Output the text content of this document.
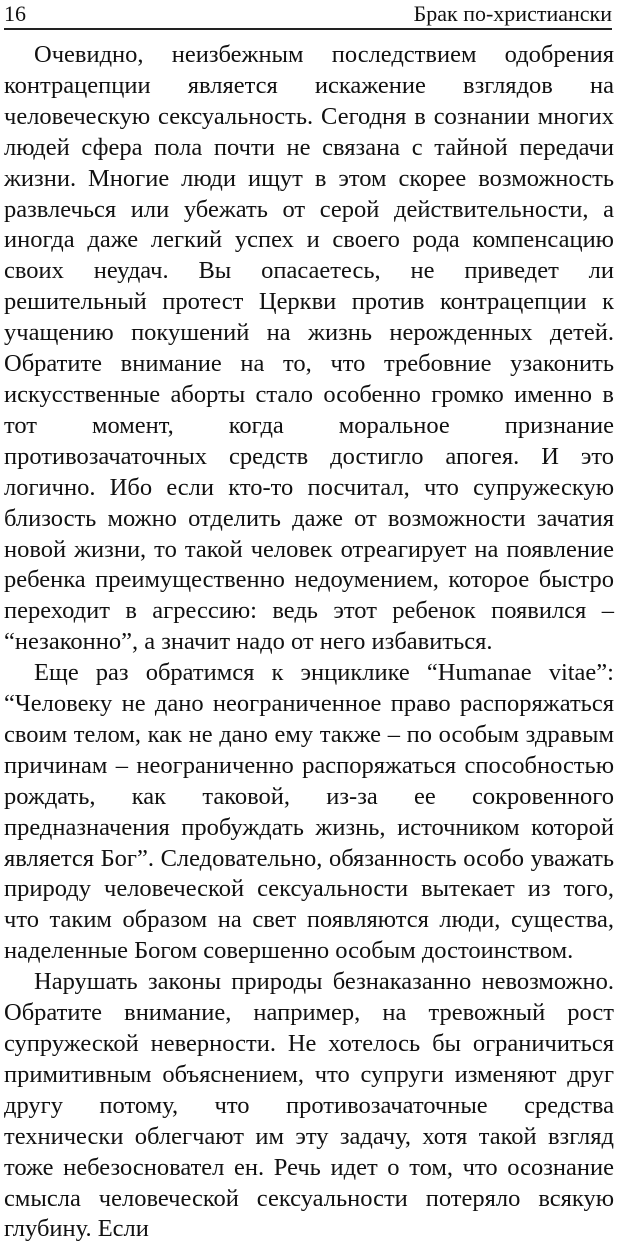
16	Брак по-христиански

Очевидно, неизбежным последствием одобрения контрацепции является искажение взглядов на человеческую сексуальность. Сегодня в сознании многих людей сфера пола почти не связана с тайной передачи жизни. Многие люди ищут в этом скорее возможность развлечься или убежать от серой действительности, а иногда даже легкий успех и своего рода компенсацию своих неудач. Вы опасаетесь, не приведет ли решительный протест Церкви против контрацепции к учащению покушений на жизнь нерожденных детей. Обратите внимание на то, что требовние узаконить искусственные аборты стало особенно громко именно в тот момент, когда моральное признание противозачаточных средств достигло апогея. И это логично. Ибо если кто-то посчитал, что супружескую близость можно отделить даже от возможности зачатия новой жизни, то такой человек отреагирует на появление ребенка преимущественно недоумением, которое быстро переходит в агрессию: ведь этот ребенок появился – “незаконно”, а значит надо от него избавиться.

Еще раз обратимся к энциклике “Humanae vitae”: “Человеку не дано неограниченное право распоряжаться своим телом, как не дано ему также – по особым здравым причинам – неограниченно распоряжаться способностью рождать, как таковой, из-за ее сокровенного предназначения пробуждать жизнь, источником которой является Бог”. Следовательно, обязанность особо уважать природу человеческой сексуальности вытекает из того, что таким образом на свет появляются люди, существа, наделенные Богом совершенно особым достоинством.

Нарушать законы природы безнаказанно невозможно. Обратите внимание, например, на тревожный рост супружеской неверности. Не хотелось бы ограничиться примитивным объяснением, что супруги изменяют друг другу потому, что противозачаточные средства технически облегчают им эту задачу, хотя такой взгляд тоже небезосновател ен. Речь идет о том, что осознание смысла человеческой сексуальности потеряло всякую глубину. Если
